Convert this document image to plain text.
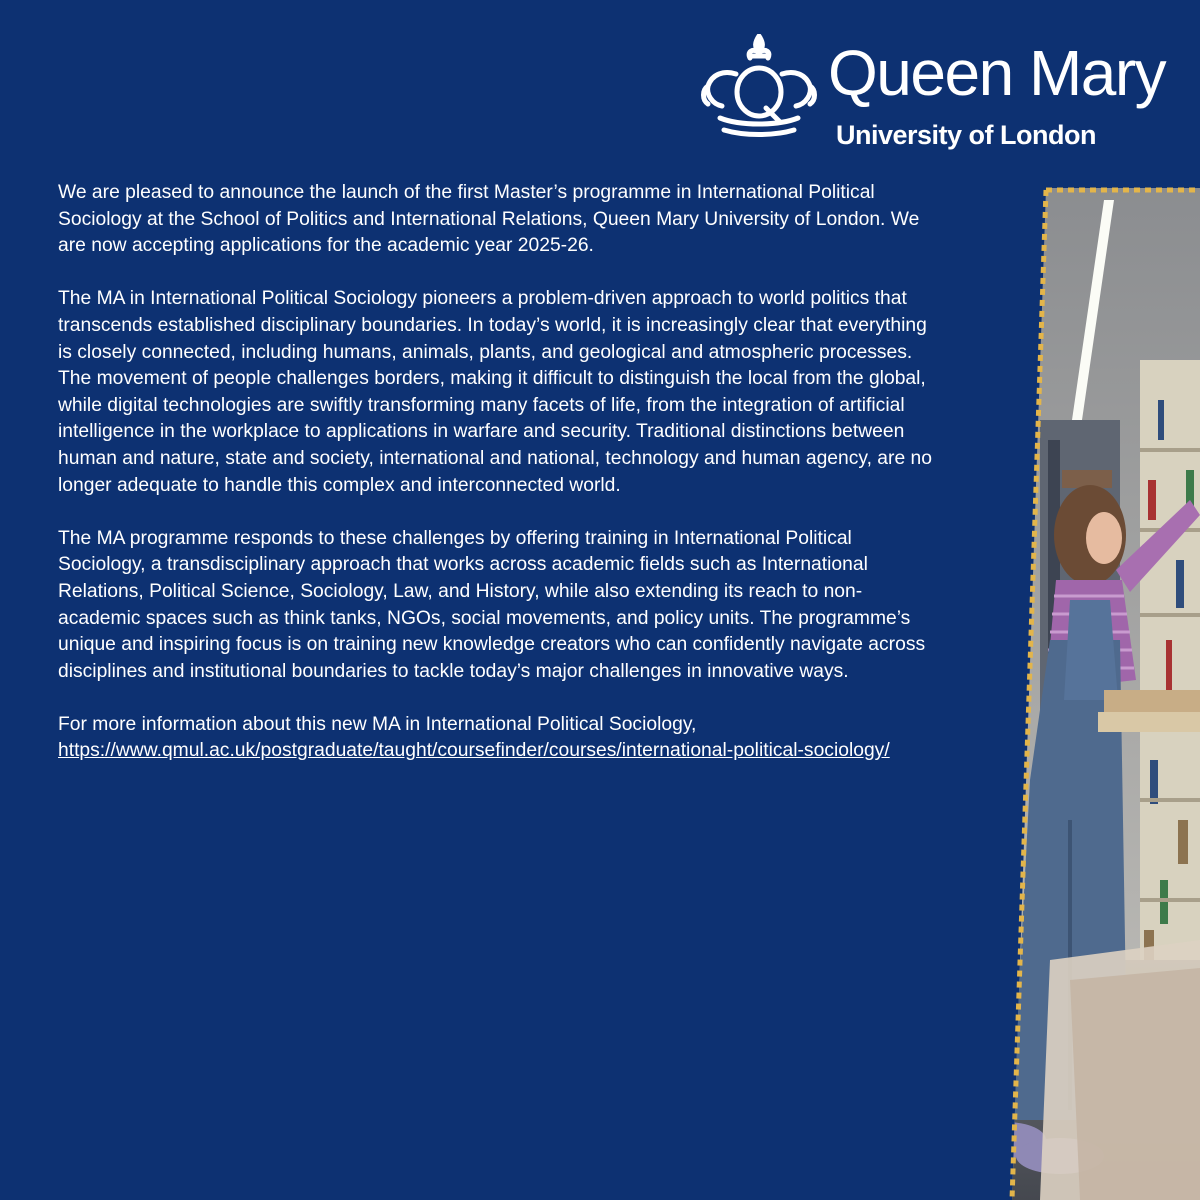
Queen Mary
University of London

We are pleased to announce the launch of the first Master’s programme in International Political Sociology at the School of Politics and International Relations, Queen Mary University of London. We are now accepting applications for the academic year 2025-26.

The MA in International Political Sociology pioneers a problem-driven approach to world politics that transcends established disciplinary boundaries. In today’s world, it is increasingly clear that everything is closely connected, including humans, animals, plants, and geological and atmospheric processes. The movement of people challenges borders, making it difficult to distinguish the local from the global, while digital technologies are swiftly transforming many facets of life, from the integration of artificial intelligence in the workplace to applications in warfare and security. Traditional distinctions between human and nature, state and society, international and national, technology and human agency, are no longer adequate to handle this complex and interconnected world.

The MA programme responds to these challenges by offering training in International Political Sociology, a transdisciplinary approach that works across academic fields such as International Relations, Political Science, Sociology, Law, and History, while also extending its reach to non-academic spaces such as think tanks, NGOs, social movements, and policy units. The programme’s unique and inspiring focus is on training new knowledge creators who can confidently navigate across disciplines and institutional boundaries to tackle today’s major challenges in innovative ways.

For more information about this new MA in International Political Sociology,
https://www.qmul.ac.uk/postgraduate/taught/coursefinder/courses/international-political-sociology/
